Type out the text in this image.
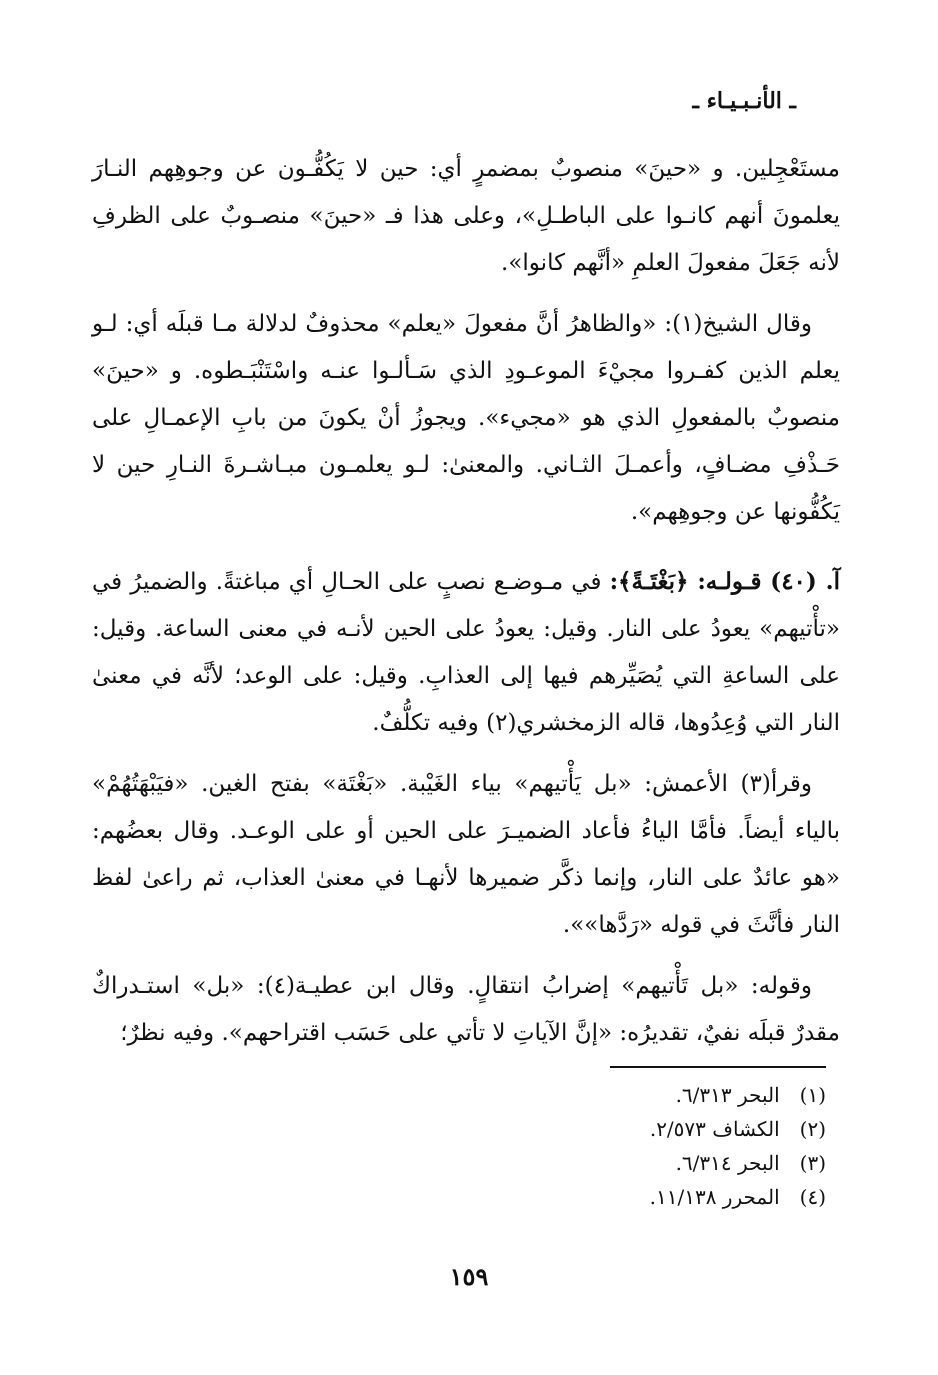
ـ الأنـبـيـاء ـ

مستَعْجِلين. و «حينَ» منصوبٌ بمضمرٍ أي: حين لا يَكُفُّـون عن وجوهِهم النـارَ يعلمونَ أنهم كانـوا على الباطـلِ»، وعلى هذا فـ «حينَ» منصـوبٌ على الظرفِ لأنه جَعَلَ مفعولَ العلمِ «أنَّهم كانوا».

وقال الشيخ(١): «والظاهرُ أنَّ مفعولَ «يعلم» محذوفٌ لدلالة مـا قبلَه أي: لـو يعلم الذين كفـروا مجيْءَ الموعـودِ الذي سَـألـوا عنـه واسْتَنْبَـطوه. و «حينَ» منصوبٌ بالمفعولِ الذي هو «مجيء». ويجوزُ أنْ يكونَ من بابِ الإعمـالِ على حَـذْفِ مضـافٍ، وأعمـلَ الثـاني. والمعنىٰ: لـو يعلمـون مبـاشـرةَ النـارِ حين لا يَكُفُّونها عن وجوهِهم».

آ. (٤٠) قـولـه: ﴿بَغْتَـةً﴾: في مـوضـع نصبٍ على الحـالِ أي مباغتةً. والضميرُ في «تأْتيهم» يعودُ على النار. وقيل: يعودُ على الحين لأنـه في معنى الساعة. وقيل: على الساعةِ التي يُصَيِّرهم فيها إلى العذابِ. وقيل: على الوعد؛ لأنَّه في معنىٰ النار التي وُعِدُوها، قاله الزمخشري(٢) وفيه تكلُّفٌ.

وقرأ(٣) الأعمش: «بل يَأْتيهم» بياء الغَيْبة. «بَغْتَة» بفتح الغين. «فيَبْهَتُهُمْ» بالياء أيضاً. فأمَّا الياءُ فأعاد الضميـرَ على الحين أو على الوعـد. وقال بعضُهم: «هو عائدٌ على النار، وإنما ذكَّر ضميرها لأنهـا في معنىٰ العذاب، ثم راعىٰ لفظ النار فأنَّثَ في قوله «رَدَّها»».

وقوله: «بل تَأْتيهم» إضرابُ انتقالٍ. وقال ابن عطيـة(٤): «بل» استـدراكٌ مقدرٌ قبلَه نفيٌ، تقديرُه: «إنَّ الآياتِ لا تأتي على حَسَب اقتراحهم». وفيه نظرٌ؛

(١) البحر ٦/٣١٣.
(٢) الكشاف ٢/٥٧٣.
(٣) البحر ٦/٣١٤.
(٤) المحرر ١١/١٣٨.
١٥٩
